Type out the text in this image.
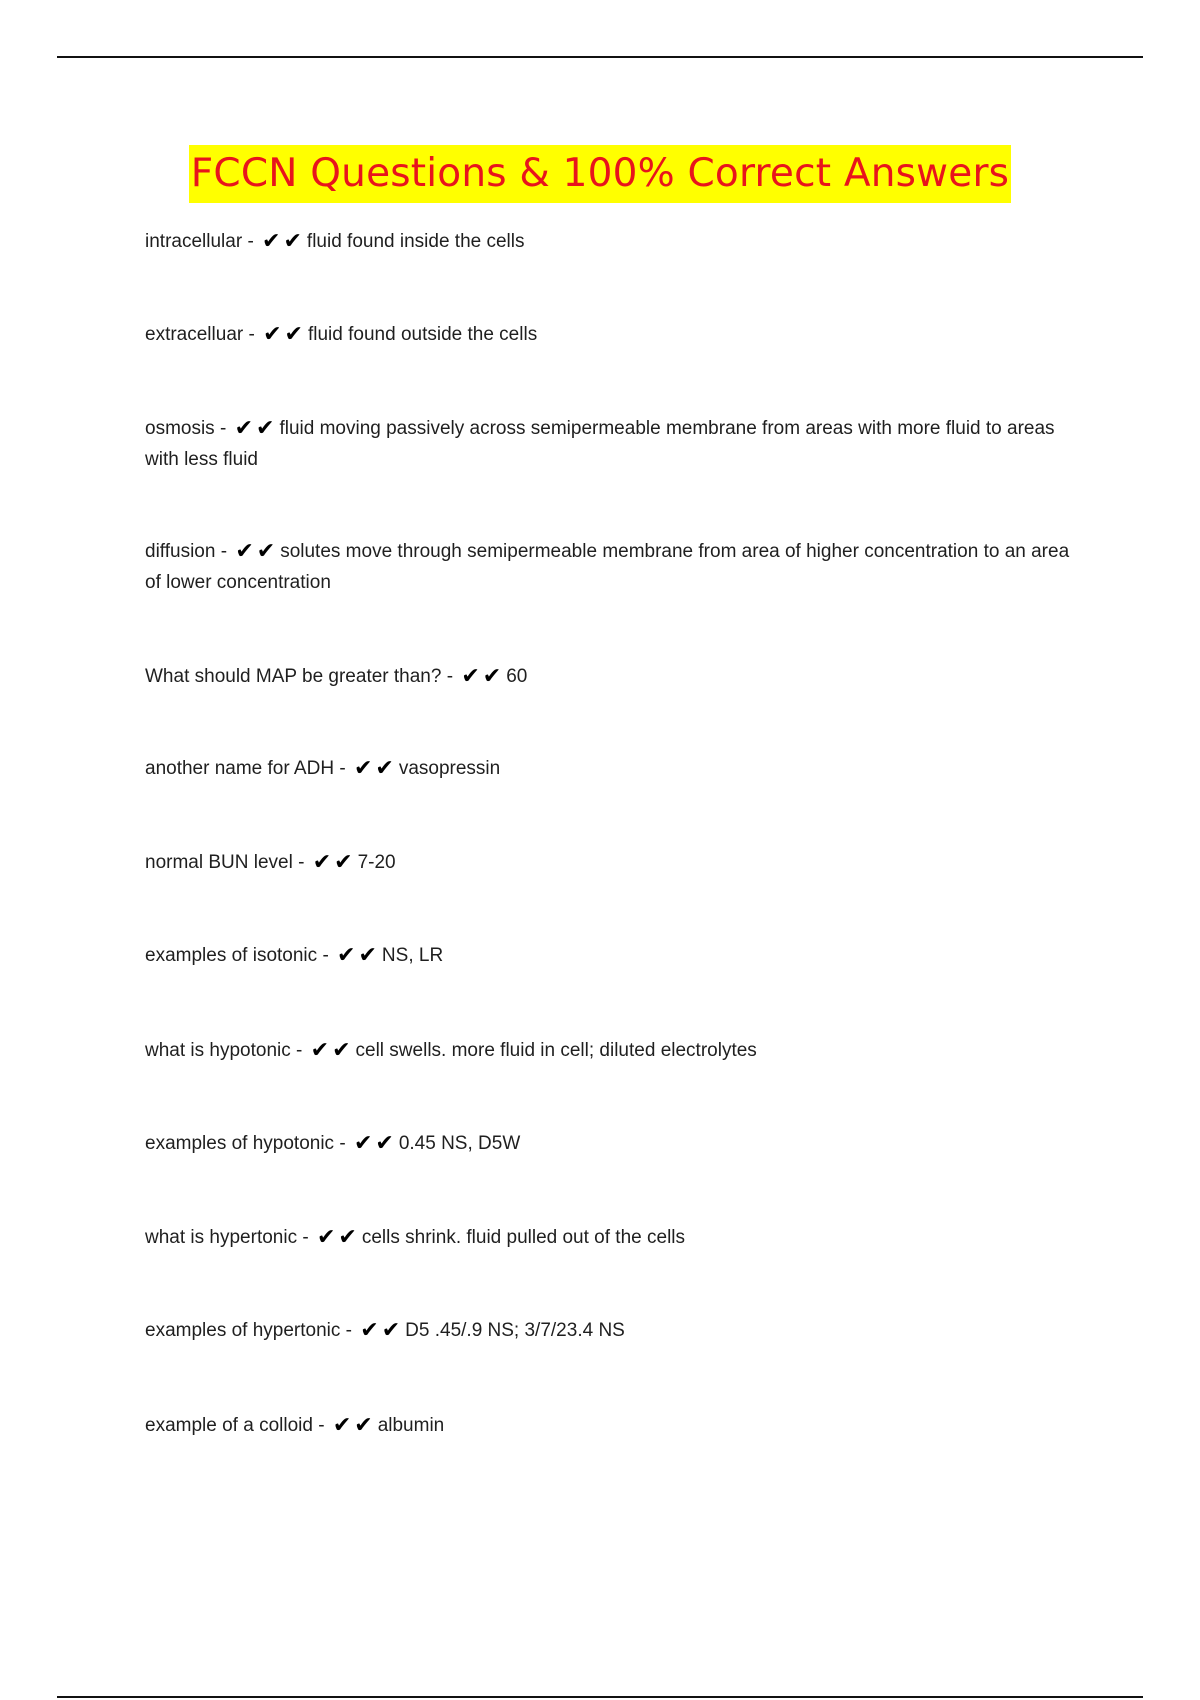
FCCN Questions & 100% Correct Answers
intracellular - ✔✔ fluid found inside the cells
extracelluar - ✔✔ fluid found outside the cells
osmosis - ✔✔ fluid moving passively across semipermeable membrane from areas with more fluid to areas with less fluid
diffusion - ✔✔ solutes move through semipermeable membrane from area of higher concentration to an area of lower concentration
What should MAP be greater than? - ✔✔ 60
another name for ADH - ✔✔ vasopressin
normal BUN level - ✔✔ 7-20
examples of isotonic - ✔✔ NS, LR
what is hypotonic - ✔✔ cell swells. more fluid in cell; diluted electrolytes
examples of hypotonic - ✔✔ 0.45 NS, D5W
what is hypertonic - ✔✔ cells shrink. fluid pulled out of the cells
examples of hypertonic - ✔✔ D5 .45/.9 NS; 3/7/23.4 NS
example of a colloid - ✔✔ albumin
